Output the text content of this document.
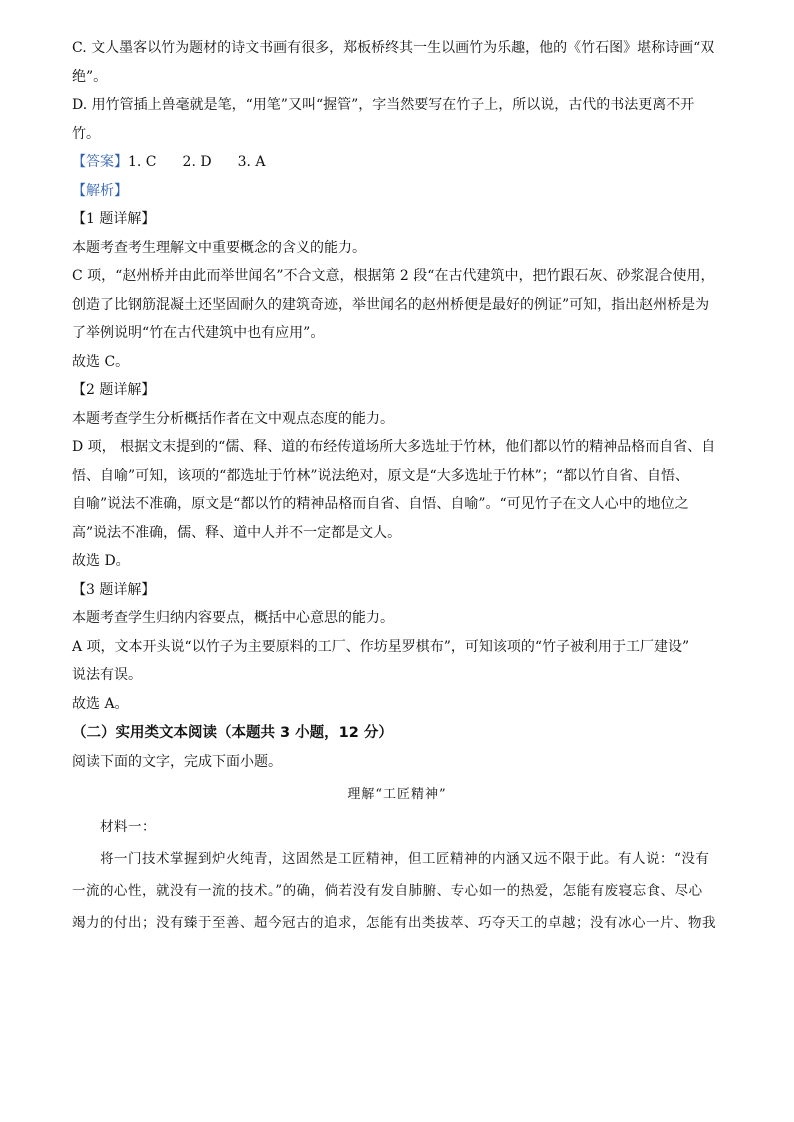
C. 文人墨客以竹为题材的诗文书画有很多，郑板桥终其一生以画竹为乐趣，他的《竹石图》堪称诗画“双

绝”。

D. 用竹管插上兽毫就是笔，“用笔”又叫“握管”，字当然要写在竹子上，所以说，古代的书法更离不开

竹。

【答案】1. C 2. D 3. A

【解析】

【1 题详解】

本题考查考生理解文中重要概念的含义的能力。

C 项，“赵州桥并由此而举世闻名”不合文意，根据第 2 段“在古代建筑中，把竹跟石灰、砂浆混合使用，

创造了比钢筋混凝土还坚固耐久的建筑奇迹，举世闻名的赵州桥便是最好的例证”可知，指出赵州桥是为

了举例说明“竹在古代建筑中也有应用”。

故选 C。

【2 题详解】

本题考查学生分析概括作者在文中观点态度的能力。

D 项， 根据文末提到的“儒、释、道的布经传道场所大多选址于竹林，他们都以竹的精神品格而自省、自

悟、自喻”可知，该项的“都选址于竹林”说法绝对，原文是“大多选址于竹林”；“都以竹自省、自悟、

自喻”说法不准确，原文是“都以竹的精神品格而自省、自悟、自喻”。“可见竹子在文人心中的地位之

高”说法不准确，儒、释、道中人并不一定都是文人。

故选 D。

【3 题详解】

本题考查学生归纳内容要点，概括中心意思的能力。

A 项，文本开头说“以竹子为主要原料的工厂、作坊星罗棋布”，可知该项的“竹子被利用于工厂建设”

说法有误。

故选 A。

（二）实用类文本阅读（本题共 3 小题，12 分）

阅读下面的文字，完成下面小题。

理解“工匠精神”

材料一：

将一门技术掌握到炉火纯青，这固然是工匠精神，但工匠精神的内涵又远不限于此。有人说：“没有

一流的心性，就没有一流的技术。”的确，倘若没有发自肺腑、专心如一的热爱，怎能有废寝忘食、尽心

竭力的付出；没有臻于至善、超今冠古的追求，怎能有出类拔萃、巧夺天工的卓越；没有冰心一片、物我
